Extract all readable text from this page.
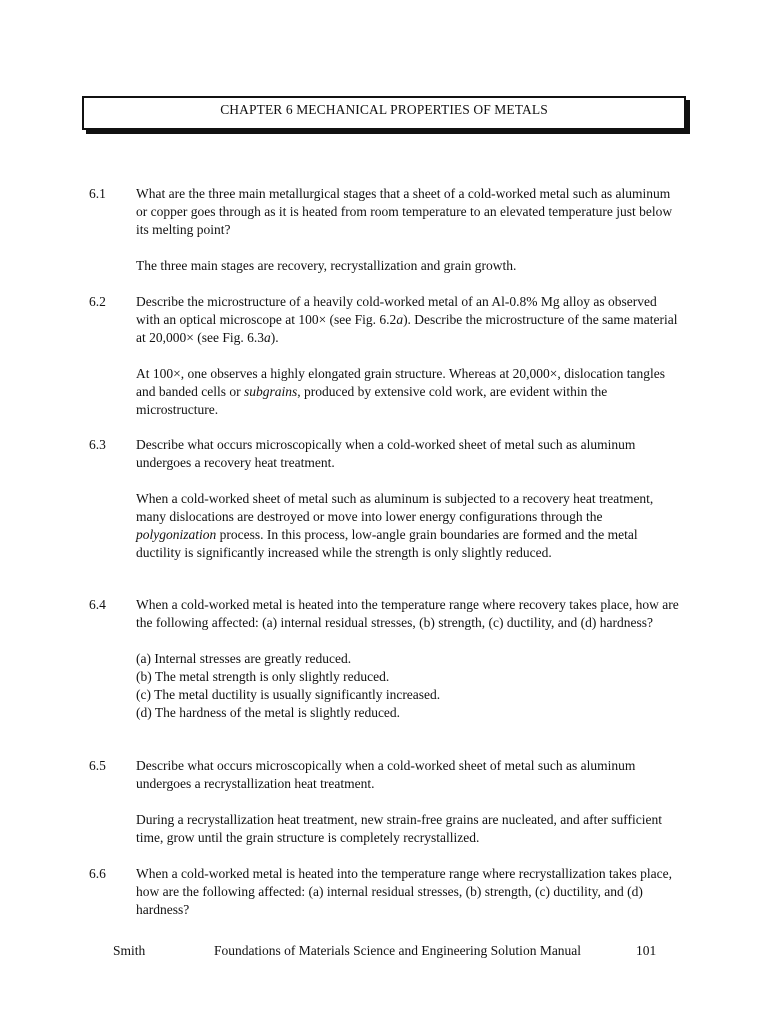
CHAPTER 6 MECHANICAL PROPERTIES OF METALS
6.1	What are the three main metallurgical stages that a sheet of a cold-worked metal such as aluminum or copper goes through as it is heated from room temperature to an elevated temperature just below its melting point?

The three main stages are recovery, recrystallization and grain growth.

6.2	Describe the microstructure of a heavily cold-worked metal of an Al-0.8% Mg alloy as observed with an optical microscope at 100× (see Fig. 6.2a). Describe the microstructure of the same material at 20,000× (see Fig. 6.3a).

At 100×, one observes a highly elongated grain structure. Whereas at 20,000×, dislocation tangles and banded cells or subgrains, produced by extensive cold work, are evident within the microstructure.

6.3	Describe what occurs microscopically when a cold-worked sheet of metal such as aluminum undergoes a recovery heat treatment.

When a cold-worked sheet of metal such as aluminum is subjected to a recovery heat treatment, many dislocations are destroyed or move into lower energy configurations through the polygonization process. In this process, low-angle grain boundaries are formed and the metal ductility is significantly increased while the strength is only slightly reduced.

6.4	When a cold-worked metal is heated into the temperature range where recovery takes place, how are the following affected: (a) internal residual stresses, (b) strength, (c) ductility, and (d) hardness?

(a) Internal stresses are greatly reduced.
(b) The metal strength is only slightly reduced.
(c) The metal ductility is usually significantly increased.
(d) The hardness of the metal is slightly reduced.
6.5	Describe what occurs microscopically when a cold-worked sheet of metal such as aluminum undergoes a recrystallization heat treatment.

During a recrystallization heat treatment, new strain-free grains are nucleated, and after sufficient time, grow until the grain structure is completely recrystallized.

6.6	When a cold-worked metal is heated into the temperature range where recrystallization takes place, how are the following affected: (a) internal residual stresses, (b) strength, (c) ductility, and (d) hardness?

Smith	Foundations of Materials Science and Engineering Solution Manual	101
